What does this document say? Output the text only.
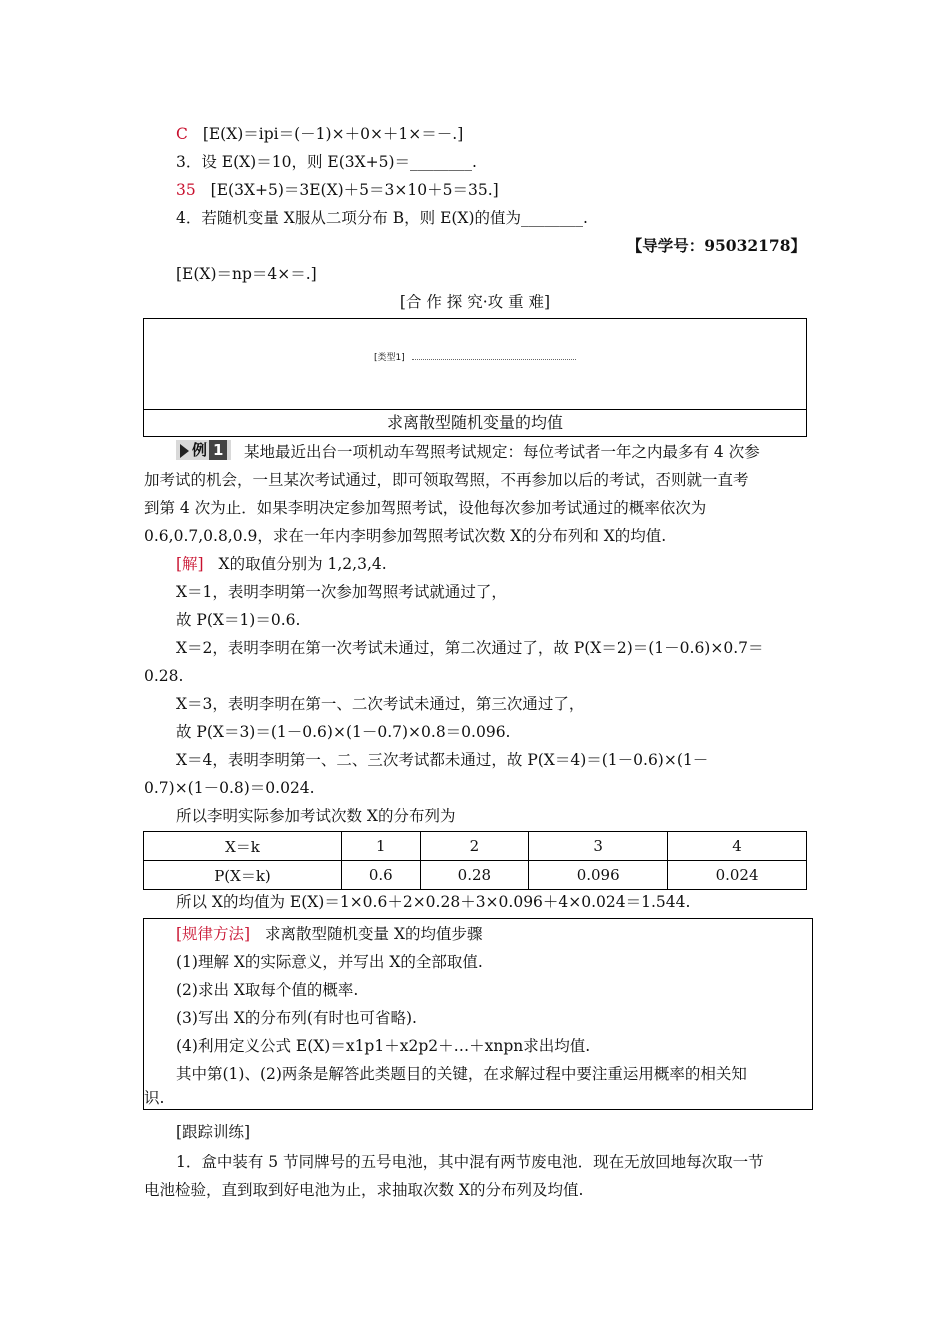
C [E(X)＝ipi＝(－1)×＋0×＋1×＝－.]
3．设 E(X)＝10，则 E(3X+5)＝________.
35 [E(3X+5)＝3E(X)＋5＝3×10＋5＝35.]
4．若随机变量 X服从二项分布 B，则 E(X)的值为________.
【导学号：95032178】
[E(X)＝np＝4×＝.]
[合 作 探 究·攻 重 难]
[类型1]
求离散型随机变量的均值
例 1	某地最近出台一项机动车驾照考试规定：每位考试者一年之内最多有 4 次参
加考试的机会，一旦某次考试通过，即可领取驾照，不再参加以后的考试，否则就一直考
到第 4 次为止．如果李明决定参加驾照考试，设他每次参加考试通过的概率依次为
0.6,0.7,0.8,0.9，求在一年内李明参加驾照考试次数 X的分布列和 X的均值.
[解] X的取值分别为 1,2,3,4.
X＝1，表明李明第一次参加驾照考试就通过了，
故 P(X＝1)＝0.6.
X＝2，表明李明在第一次考试未通过，第二次通过了，故 P(X＝2)＝(1－0.6)×0.7＝
0.28.
X＝3，表明李明在第一、二次考试未通过，第三次通过了，
故 P(X＝3)＝(1－0.6)×(1－0.7)×0.8＝0.096.
X＝4，表明李明第一、二、三次考试都未通过，故 P(X＝4)＝(1－0.6)×(1－
0.7)×(1－0.8)＝0.024.
所以李明实际参加考试次数 X的分布列为
X＝k	1	2	3	4
P(X＝k)	0.6	0.28	0.096	0.024
所以 X的均值为 E(X)＝1×0.6＋2×0.28＋3×0.096＋4×0.024＝1.544.
[规律方法] 求离散型随机变量 X的均值步骤
(1)理解 X的实际意义，并写出 X的全部取值.
(2)求出 X取每个值的概率.
(3)写出 X的分布列(有时也可省略).
(4)利用定义公式 E(X)＝x1p1＋x2p2＋…＋xnpn求出均值.
其中第(1)、(2)两条是解答此类题目的关键，在求解过程中要注重运用概率的相关知
识.
[跟踪训练]
1．盒中装有 5 节同牌号的五号电池，其中混有两节废电池．现在无放回地每次取一节
电池检验，直到取到好电池为止，求抽取次数 X的分布列及均值.
